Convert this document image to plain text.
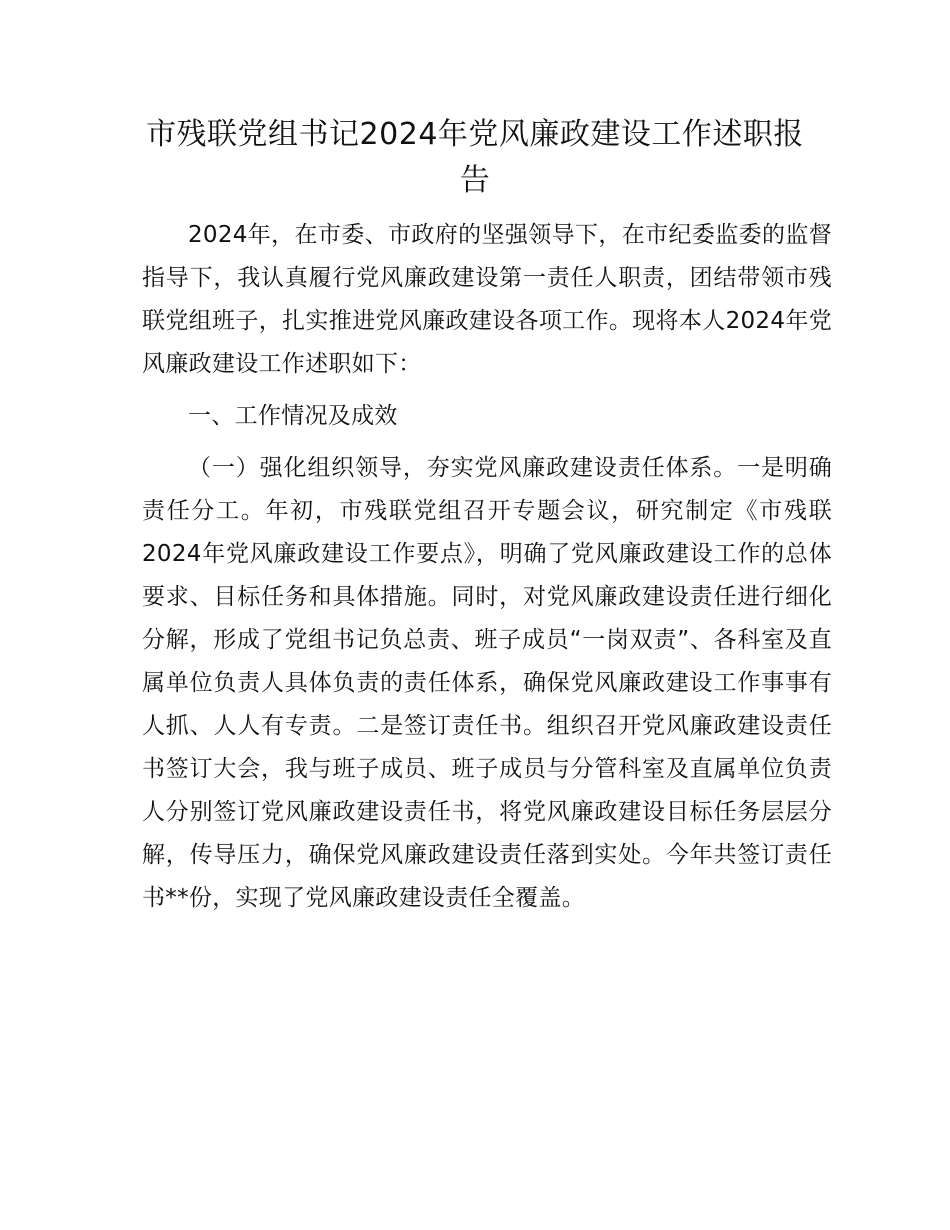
市残联党组书记2024年党风廉政建设工作述职报告

2024年，在市委、市政府的坚强领导下，在市纪委监委的监督指导下，我认真履行党风廉政建设第一责任人职责，团结带领市残联党组班子，扎实推进党风廉政建设各项工作。现将本人2024年党风廉政建设工作述职如下：

一、工作情况及成效

（一）强化组织领导，夯实党风廉政建设责任体系。一是明确责任分工。年初，市残联党组召开专题会议，研究制定《市残联2024年党风廉政建设工作要点》，明确了党风廉政建设工作的总体要求、目标任务和具体措施。同时，对党风廉政建设责任进行细化分解，形成了党组书记负总责、班子成员“一岗双责”、各科室及直属单位负责人具体负责的责任体系，确保党风廉政建设工作事事有人抓、人人有专责。二是签订责任书。组织召开党风廉政建设责任书签订大会，我与班子成员、班子成员与分管科室及直属单位负责人分别签订党风廉政建设责任书，将党风廉政建设目标任务层层分解，传导压力，确保党风廉政建设责任落到实处。今年共签订责任书**份，实现了党风廉政建设责任全覆盖。
